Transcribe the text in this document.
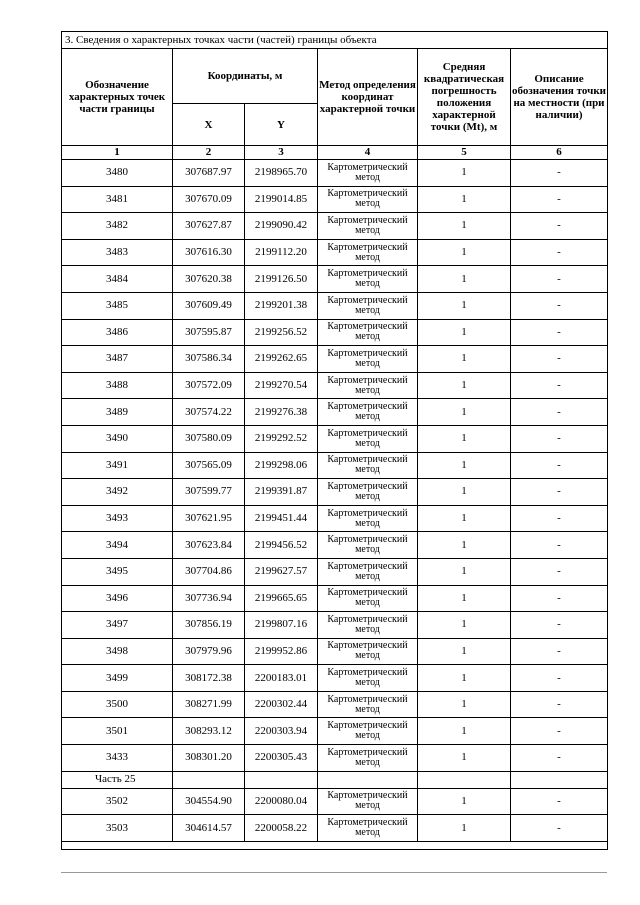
3. Сведения о характерных точках части (частей) границы объекта					
Обозначение характерных точек части границы	Координаты, м		Метод определения координат характерной точки	Средняя квадратическая погрешность положения характерной точки (Mt), м	Описание обозначения точки на местности (при наличии)
	X	Y			
1	2	3	4	5	6
3480	307687.97	2198965.70	Картометрический метод	1	-
3481	307670.09	2199014.85	Картометрический метод	1	-
3482	307627.87	2199090.42	Картометрический метод	1	-
3483	307616.30	2199112.20	Картометрический метод	1	-
3484	307620.38	2199126.50	Картометрический метод	1	-
3485	307609.49	2199201.38	Картометрический метод	1	-
3486	307595.87	2199256.52	Картометрический метод	1	-
3487	307586.34	2199262.65	Картометрический метод	1	-
3488	307572.09	2199270.54	Картометрический метод	1	-
3489	307574.22	2199276.38	Картометрический метод	1	-
3490	307580.09	2199292.52	Картометрический метод	1	-
3491	307565.09	2199298.06	Картометрический метод	1	-
3492	307599.77	2199391.87	Картометрический метод	1	-
3493	307621.95	2199451.44	Картометрический метод	1	-
3494	307623.84	2199456.52	Картометрический метод	1	-
3495	307704.86	2199627.57	Картометрический метод	1	-
3496	307736.94	2199665.65	Картометрический метод	1	-
3497	307856.19	2199807.16	Картометрический метод	1	-
3498	307979.96	2199952.86	Картометрический метод	1	-
3499	308172.38	2200183.01	Картометрический метод	1	-
3500	308271.99	2200302.44	Картометрический метод	1	-
3501	308293.12	2200303.94	Картометрический метод	1	-
3433	308301.20	2200305.43	Картометрический метод	1	-
Часть 25					
3502	304554.90	2200080.04	Картометрический метод	1	-
3503	304614.57	2200058.22	Картометрический метод	1	-
